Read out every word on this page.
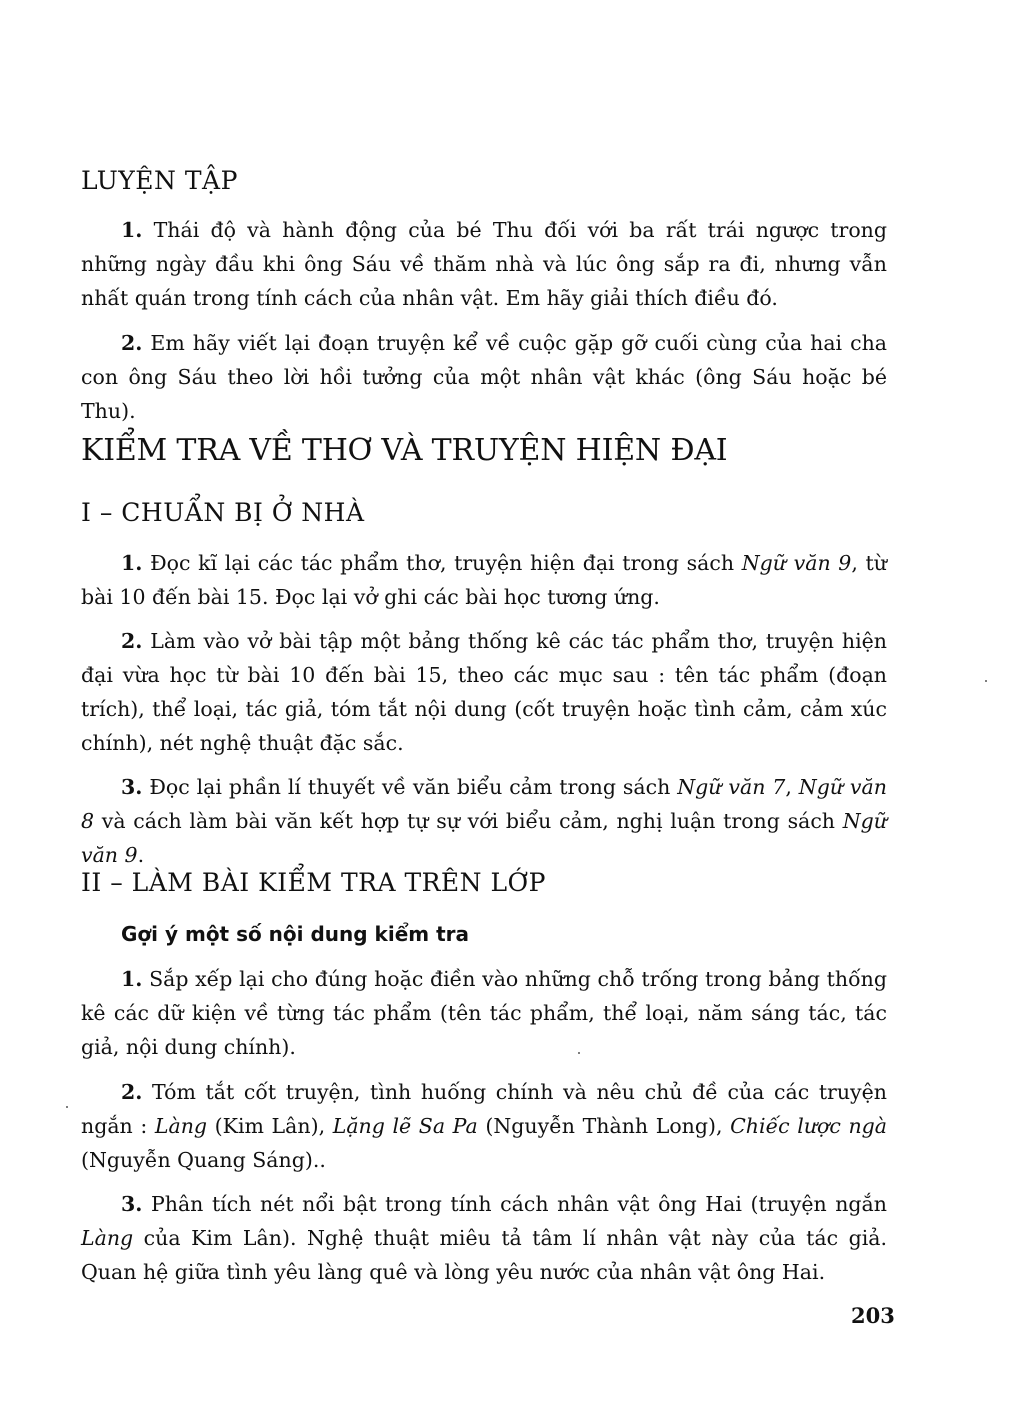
LUYỆN TẬP

1. Thái độ và hành động của bé Thu đối với ba rất trái ngược trong những ngày đầu khi ông Sáu về thăm nhà và lúc ông sắp ra đi, nhưng vẫn nhất quán trong tính cách của nhân vật. Em hãy giải thích điều đó.

2. Em hãy viết lại đoạn truyện kể về cuộc gặp gỡ cuối cùng của hai cha con ông Sáu theo lời hồi tưởng của một nhân vật khác (ông Sáu hoặc bé Thu).

KIỂM TRA VỀ THƠ VÀ TRUYỆN HIỆN ĐẠI
I – CHUẨN BỊ Ở NHÀ

1. Đọc kĩ lại các tác phẩm thơ, truyện hiện đại trong sách Ngữ văn 9, từ bài 10 đến bài 15. Đọc lại vở ghi các bài học tương ứng.

2. Làm vào vở bài tập một bảng thống kê các tác phẩm thơ, truyện hiện đại vừa học từ bài 10 đến bài 15, theo các mục sau : tên tác phẩm (đoạn trích), thể loại, tác giả, tóm tắt nội dung (cốt truyện hoặc tình cảm, cảm xúc chính), nét nghệ thuật đặc sắc.

3. Đọc lại phần lí thuyết về văn biểu cảm trong sách Ngữ văn 7, Ngữ văn 8 và cách làm bài văn kết hợp tự sự với biểu cảm, nghị luận trong sách Ngữ văn 9.

II – LÀM BÀI KIỂM TRA TRÊN LỚP
Gợi ý một số nội dung kiểm tra

1. Sắp xếp lại cho đúng hoặc điền vào những chỗ trống trong bảng thống kê các dữ kiện về từng tác phẩm (tên tác phẩm, thể loại, năm sáng tác, tác giả, nội dung chính).

2. Tóm tắt cốt truyện, tình huống chính và nêu chủ đề của các truyện ngắn : Làng (Kim Lân), Lặng lẽ Sa Pa (Nguyễn Thành Long), Chiếc lược ngà (Nguyễn Quang Sáng)..

3. Phân tích nét nổi bật trong tính cách nhân vật ông Hai (truyện ngắn Làng của Kim Lân). Nghệ thuật miêu tả tâm lí nhân vật này của tác giả. Quan hệ giữa tình yêu làng quê và lòng yêu nước của nhân vật ông Hai.

203
